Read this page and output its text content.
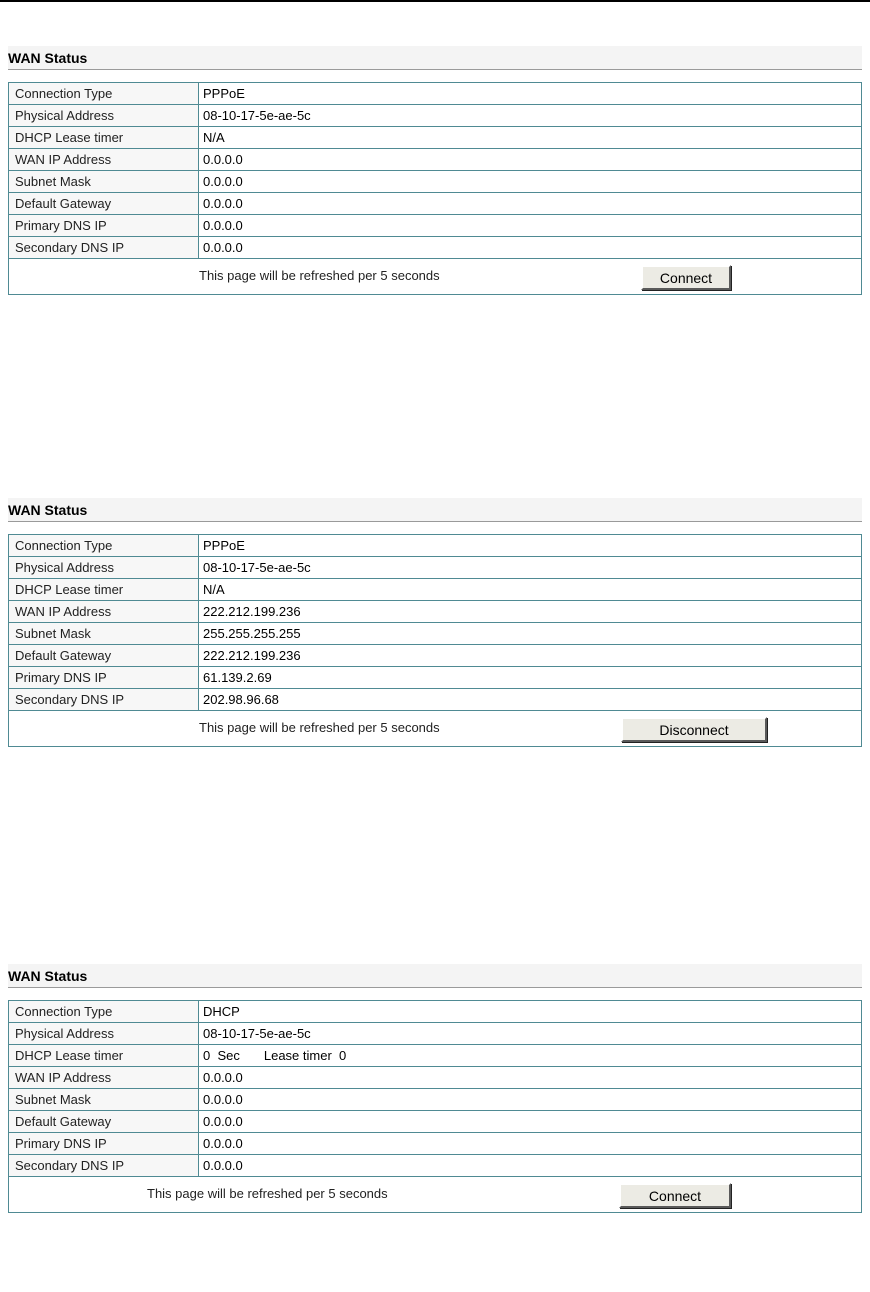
WAN Status
Connection Type	PPPoE
Physical Address	08-10-17-5e-ae-5c
DHCP Lease timer	N/A
WAN IP Address	0.0.0.0
Subnet Mask	0.0.0.0
Default Gateway	0.0.0.0
Primary DNS IP	0.0.0.0
Secondary DNS IP	0.0.0.0

This page will be refreshed per 5 seconds Connect	
WAN Status
Connection Type	PPPoE
Physical Address	08-10-17-5e-ae-5c
DHCP Lease timer	N/A
WAN IP Address	222.212.199.236
Subnet Mask	255.255.255.255
Default Gateway	222.212.199.236
Primary DNS IP	61.139.2.69
Secondary DNS IP	202.98.96.68

This page will be refreshed per 5 seconds Disconnect	
WAN Status
Connection Type	DHCP
Physical Address	08-10-17-5e-ae-5c
DHCP Lease timer	0  Sec Lease timer  0
WAN IP Address	0.0.0.0
Subnet Mask	0.0.0.0
Default Gateway	0.0.0.0
Primary DNS IP	0.0.0.0
Secondary DNS IP	0.0.0.0

This page will be refreshed per 5 seconds Connect	
